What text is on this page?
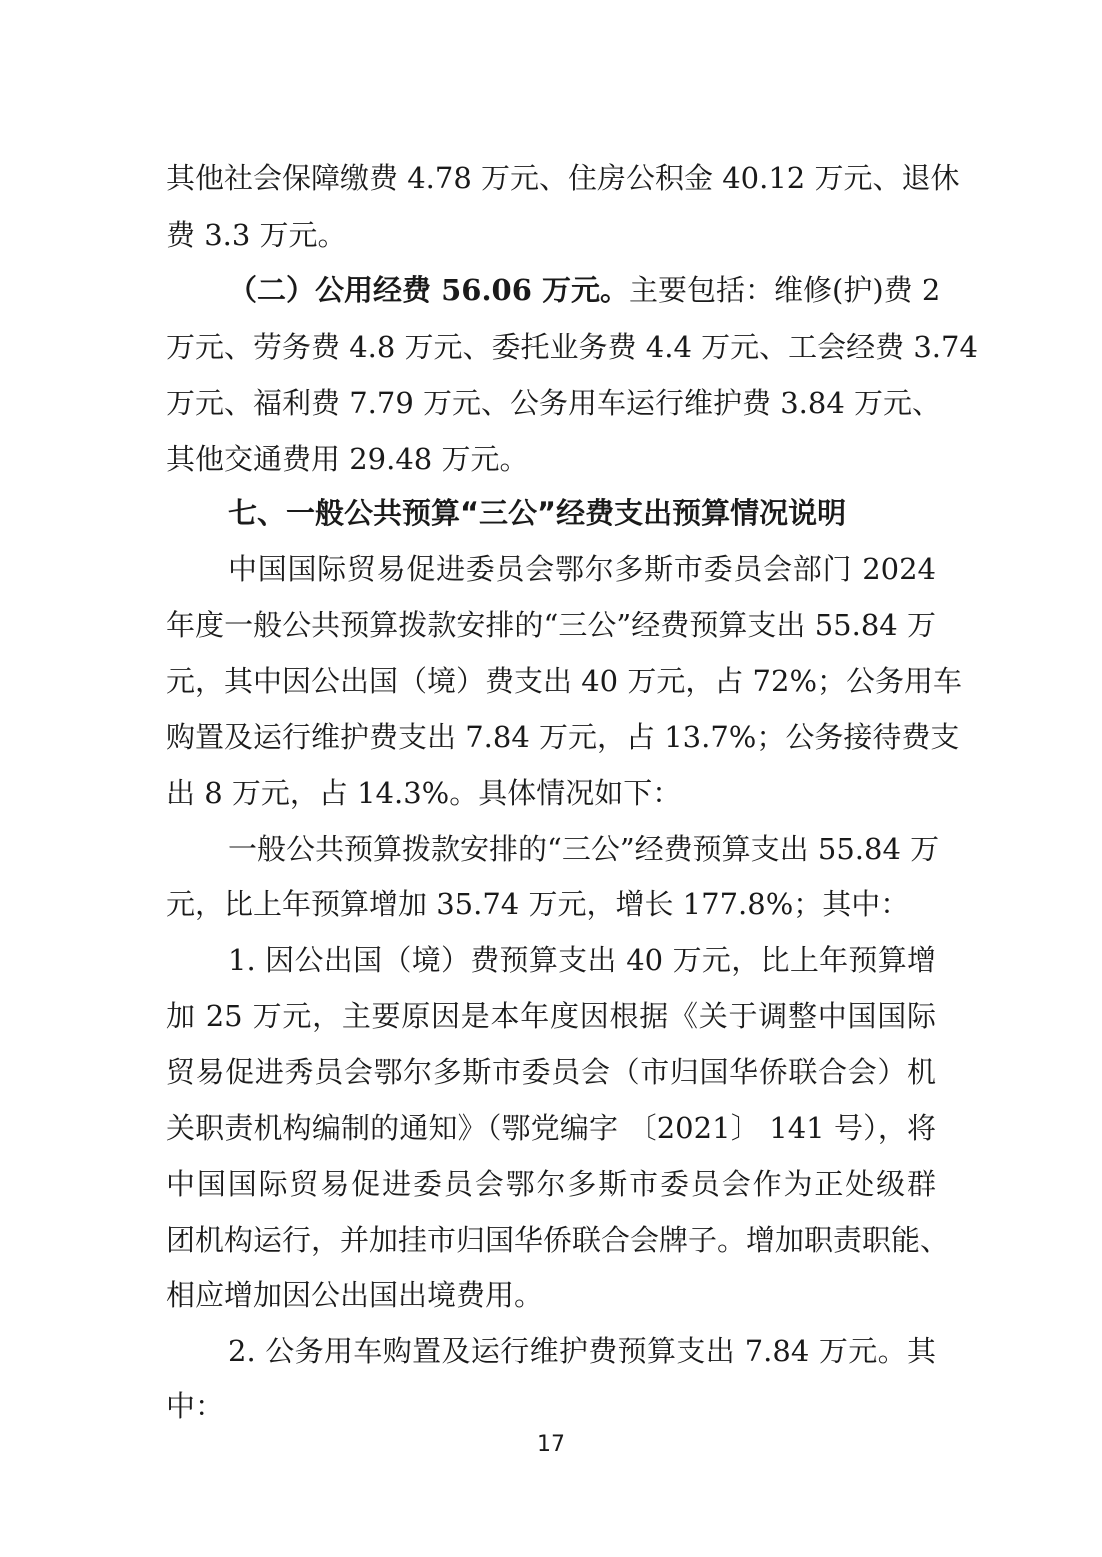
其他社会保障缴费 4.78 万元、住房公积金 40.12 万元、退休
费 3.3 万元。
（二）公用经费 56.06 万元。主要包括：维修(护)费 2
万元、劳务费 4.8 万元、委托业务费 4.4 万元、工会经费 3.74
万元、福利费 7.79 万元、公务用车运行维护费 3.84 万元、
其他交通费用 29.48 万元。
七、一般公共预算“三公”经费支出预算情况说明
中国国际贸易促进委员会鄂尔多斯市委员会部门 2024
年度一般公共预算拨款安排的“三公”经费预算支出 55.84 万
元，其中因公出国（境）费支出 40 万元，占 72%；公务用车
购置及运行维护费支出 7.84 万元，占 13.7%；公务接待费支
出 8 万元，占 14.3%。具体情况如下：
一般公共预算拨款安排的“三公”经费预算支出 55.84 万
元，比上年预算增加 35.74 万元，增长 177.8%；其中：
1. 因公出国（境）费预算支出 40 万元，比上年预算增
加 25 万元，主要原因是本年度因根据《关于调整中国国际
贸易促进秀员会鄂尔多斯市委员会（市归国华侨联合会）机
关职责机构编制的通知》（鄂党编字 〔2021〕 141 号），将
中国国际贸易促进委员会鄂尔多斯市委员会作为正处级群
团机构运行，并加挂市归国华侨联合会牌子。增加职责职能、
相应增加因公出国出境费用。
2. 公务用车购置及运行维护费预算支出 7.84 万元。其
中：
17
